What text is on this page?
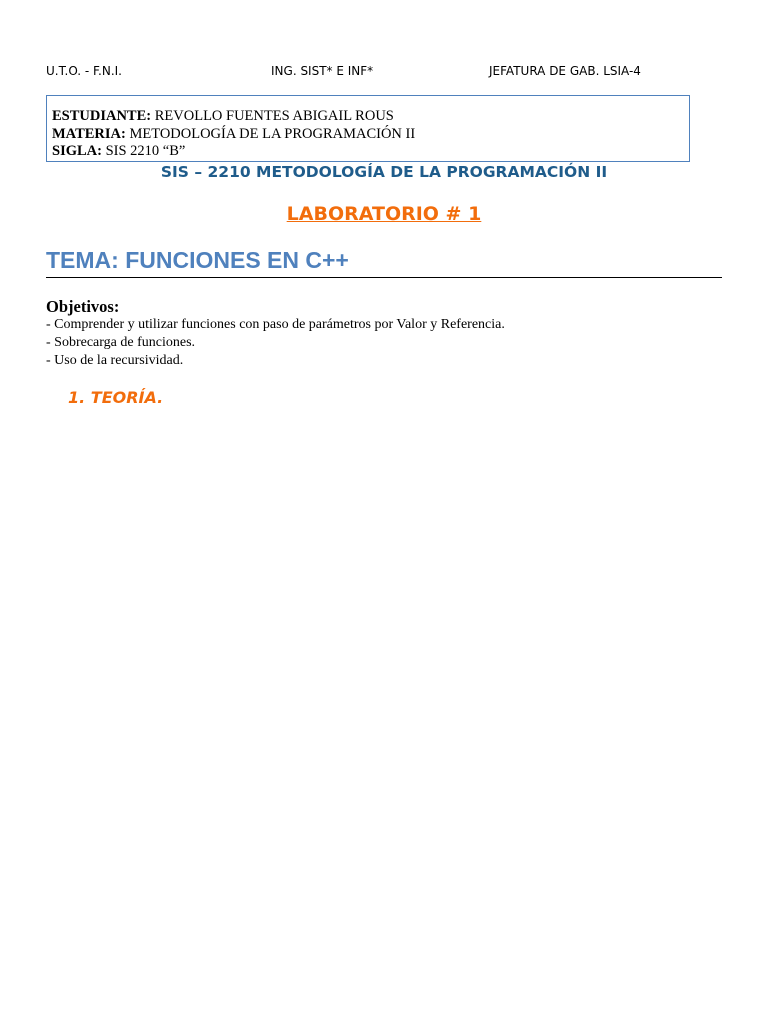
U.T.O. - F.N.I.	ING. SIST* E INF*	JEFATURA DE GAB. LSIA-4
ESTUDIANTE: REVOLLO FUENTES ABIGAIL ROUS
MATERIA: METODOLOGÍA DE LA PROGRAMACIÓN II
SIGLA: SIS 2210 “B”
SIS – 2210 METODOLOGÍA DE LA PROGRAMACIÓN II
LABORATORIO # 1
TEMA: FUNCIONES EN C++
Objetivos:
- Comprender y utilizar funciones con paso de parámetros por Valor y Referencia.
- Sobrecarga de funciones.
- Uso de la recursividad.
1. TEORÍA.
